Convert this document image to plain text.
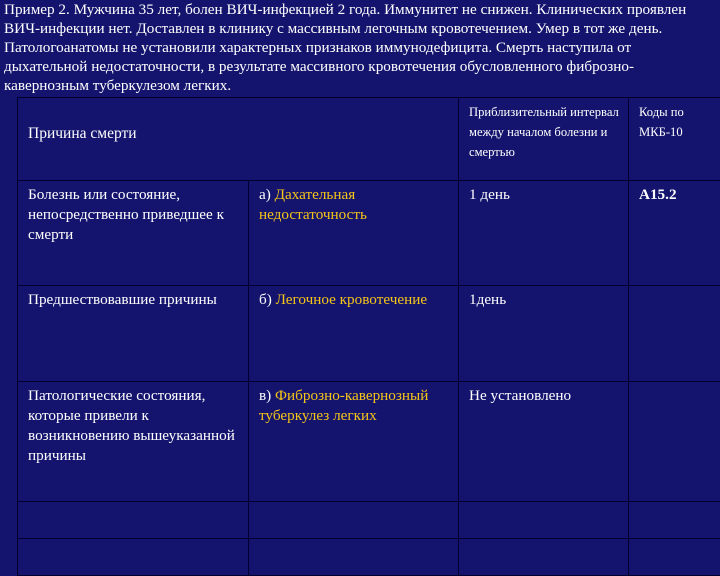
Пример 2. Мужчина 35 лет, болен ВИЧ-инфекцией 2 года. Иммунитет не снижен. Клинических проявлен
ВИЧ-инфекции нет. Доставлен в клинику с массивным легочным кровотечением. Умер в тот же день.
Патологоанатомы не установили характерных признаков иммунодефицита. Смерть наступила от
дыхательной недостаточности, в результате массивного кровотечения обусловленного фиброзно-
кавернозным туберкулезом легких.
Причина смерти		Приблизительный интервал между началом болезни и смертью	Коды по МКБ-10
Болезнь или состояние, непосредственно приведшее к смерти	а) Дахательная недостаточность	1 день	А15.2
Предшествовавшие причины	б) Легочное кровотечение	1день	
Патологические состояния, которые привели к возникновению вышеуказанной причины	в) Фиброзно-кавернозный туберкулез легких	Не установлено	
